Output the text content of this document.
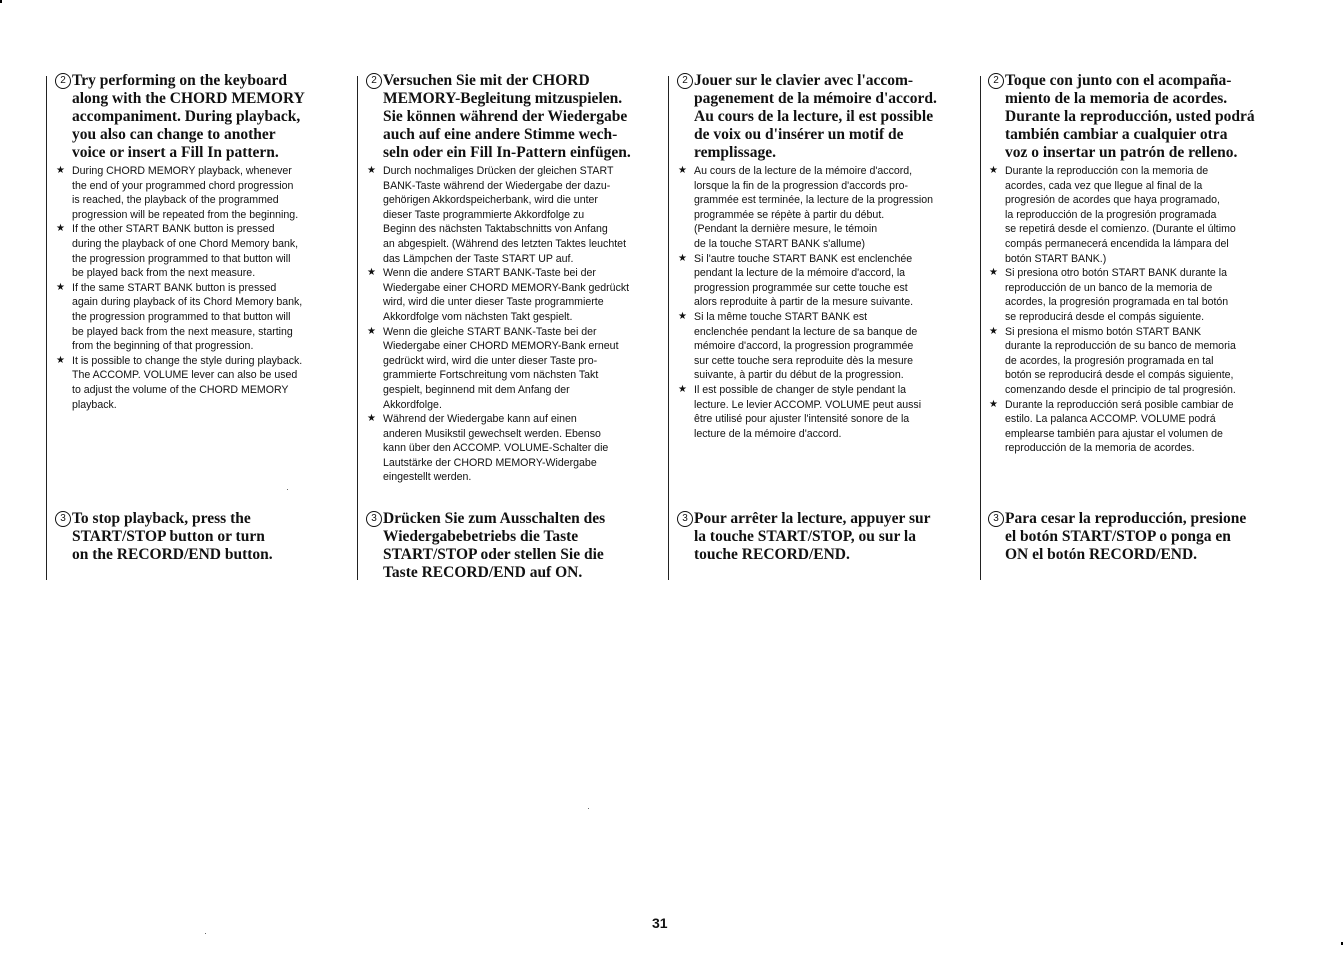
2 Try performing on the keyboard
along with the CHORD MEMORY
accompaniment. During playback,
you also can change to another
voice or insert a Fill In pattern.
★ During CHORD MEMORY playback, whenever
the end of your programmed chord progression
is reached, the playback of the programmed
progression will be repeated from the beginning.
★ If the other START BANK button is pressed
during the playback of one Chord Memory bank,
the progression programmed to that button will
be played back from the next measure.
★ If the same START BANK button is pressed
again during playback of its Chord Memory bank,
the progression programmed to that button will
be played back from the next measure, starting
from the beginning of that progression.
★ It is possible to change the style during playback.
The ACCOMP. VOLUME lever can also be used
to adjust the volume of the CHORD MEMORY
playback.
3 To stop playback, press the
START/STOP button or turn
on the RECORD/END button.
2 Versuchen Sie mit der CHORD
MEMORY-Begleitung mitzuspielen.
Sie können während der Wiedergabe
auch auf eine andere Stimme wech-
seln oder ein Fill In-Pattern einfügen.
★ Durch nochmaliges Drücken der gleichen START
BANK-Taste während der Wiedergabe der dazu-
gehörigen Akkordspeicherbank, wird die unter
dieser Taste programmierte Akkordfolge zu
Beginn des nächsten Taktabschnitts von Anfang
an abgespielt. (Während des letzten Taktes leuchtet
das Lämpchen der Taste START UP auf.
★ Wenn die andere START BANK-Taste bei der
Wiedergabe einer CHORD MEMORY-Bank gedrückt
wird, wird die unter dieser Taste programmierte
Akkordfolge vom nächsten Takt gespielt.
★ Wenn die gleiche START BANK-Taste bei der
Wiedergabe einer CHORD MEMORY-Bank erneut
gedrückt wird, wird die unter dieser Taste pro-
grammierte Fortschreitung vom nächsten Takt
gespielt, beginnend mit dem Anfang der
Akkordfolge.
★ Während der Wiedergabe kann auf einen
anderen Musikstil gewechselt werden. Ebenso
kann über den ACCOMP. VOLUME-Schalter die
Lautstärke der CHORD MEMORY-Widergabe
eingestellt werden.
3 Drücken Sie zum Ausschalten des
Wiedergabebetriebs die Taste
START/STOP oder stellen Sie die
Taste RECORD/END auf ON.
2 Jouer sur le clavier avec l'accom-
pagenement de la mémoire d'accord.
Au cours de la lecture, il est possible
de voix ou d'insérer un motif de
remplissage.
★ Au cours de la lecture de la mémoire d'accord,
lorsque la fin de la progression d'accords pro-
grammée est terminée, la lecture de la progression
programmée se répète à partir du début.
(Pendant la dernière mesure, le témoin
de la touche START BANK s'allume)
★ Si l'autre touche START BANK est enclenchée
pendant la lecture de la mémoire d'accord, la
progression programmée sur cette touche est
alors reproduite à partir de la mesure suivante.
★ Si la même touche START BANK est
enclenchée pendant la lecture de sa banque de
mémoire d'accord, la progression programmée
sur cette touche sera reproduite dès la mesure
suivante, à partir du début de la progression.
★ Il est possible de changer de style pendant la
lecture. Le levier ACCOMP. VOLUME peut aussi
être utilisé pour ajuster l'intensité sonore de la
lecture de la mémoire d'accord.
3 Pour arrêter la lecture, appuyer sur
la touche START/STOP, ou sur la
touche RECORD/END.
2 Toque con junto con el acompaña-
miento de la memoria de acordes.
Durante la reproducción, usted podrá
también cambiar a cualquier otra
voz o insertar un patrón de relleno.
★ Durante la reproducción con la memoria de
acordes, cada vez que llegue al final de la
progresión de acordes que haya programado,
la reproducción de la progresión programada
se repetirá desde el comienzo. (Durante el último
compás permanecerá encendida la lámpara del
botón START BANK.)
★ Si presiona otro botón START BANK durante la
reproducción de un banco de la memoria de
acordes, la progresión programada en tal botón
se reproducirá desde el compás siguiente.
★ Si presiona el mismo botón START BANK
durante la reproducción de su banco de memoria
de acordes, la progresión programada en tal
botón se reproducirá desde el compás siguiente,
comenzando desde el principio de tal progresión.
★ Durante la reproducción será posible cambiar de
estilo. La palanca ACCOMP. VOLUME podrá
emplearse también para ajustar el volumen de
reproducción de la memoria de acordes.
3 Para cesar la reproducción, presione
el botón START/STOP o ponga en
ON el botón RECORD/END.
31
